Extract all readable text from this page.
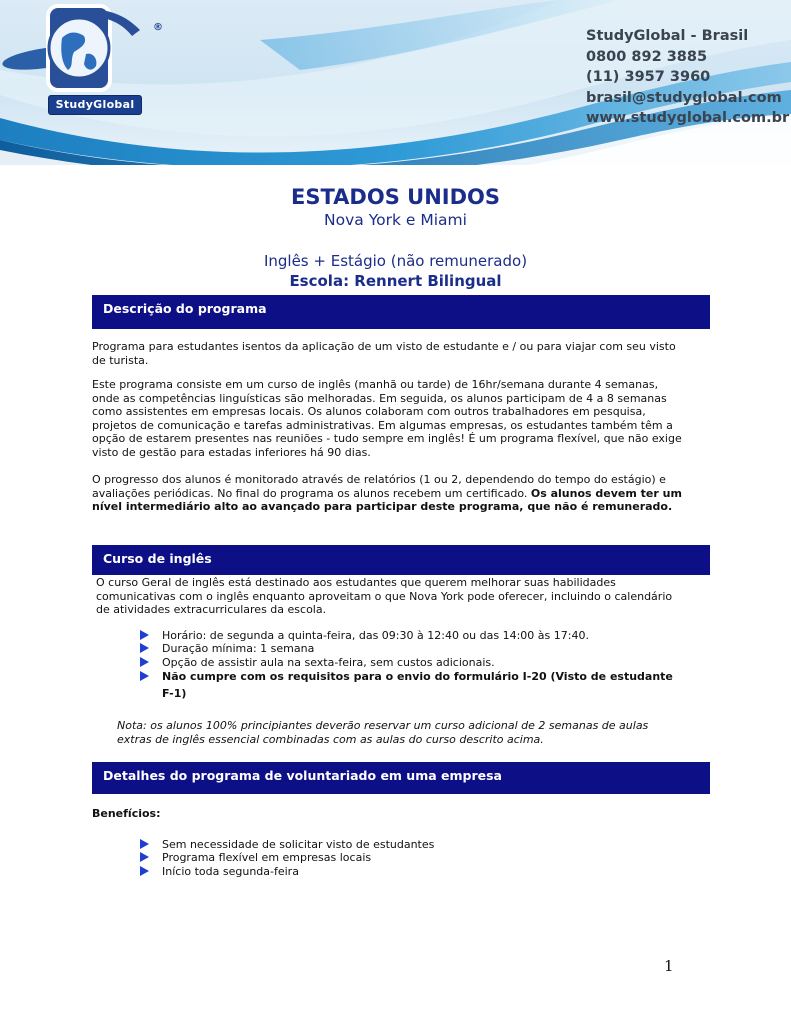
StudyGlobal
®
StudyGlobal - Brasil
0800 892 3885
(11) 3957 3960
brasil@studyglobal.com
www.studyglobal.com.br
ESTADOS UNIDOS
Nova York e Miami
Inglês + Estágio (não remunerado)
Escola: Rennert Bilingual
Descrição do programa
Programa para estudantes isentos da aplicação de um visto de estudante e / ou para viajar com seu visto de turista.
Este programa consiste em um curso de inglês (manhã ou tarde) de 16hr/semana durante 4 semanas, onde as competências linguísticas são melhoradas. Em seguida, os alunos participam de 4 a 8 semanas como assistentes em empresas locais. Os alunos colaboram com outros trabalhadores em pesquisa, projetos de comunicação e tarefas administrativas. Em algumas empresas, os estudantes também têm a opção de estarem presentes nas reuniões - tudo sempre em inglês! É um programa flexível, que não exige visto de gestão para estadas inferiores há 90 dias.
O progresso dos alunos é monitorado através de relatórios (1 ou 2, dependendo do tempo do estágio) e avaliações periódicas. No final do programa os alunos recebem um certificado. Os alunos devem ter um nível intermediário alto ao avançado para participar deste programa, que não é remunerado.
Curso de inglês
O curso Geral de inglês está destinado aos estudantes que querem melhorar suas habilidades comunicativas com o inglês enquanto aproveitam o que Nova York pode oferecer, incluindo o calendário de atividades extracurriculares da escola.
Horário: de segunda a quinta-feira, das 09:30 à 12:40 ou das 14:00 às 17:40.
Duração mínima: 1 semana
Opção de assistir aula na sexta-feira, sem custos adicionais.
Não cumpre com os requisitos para o envio do formulário I-20 (Visto de estudante F-1)
Nota: os alunos 100% principiantes deverão reservar um curso adicional de 2 semanas de aulas extras de inglês essencial combinadas com as aulas do curso descrito acima.
Detalhes do programa de voluntariado em uma empresa
Benefícios:
Sem necessidade de solicitar visto de estudantes
Programa flexível em empresas locais
Início toda segunda-feira
1
